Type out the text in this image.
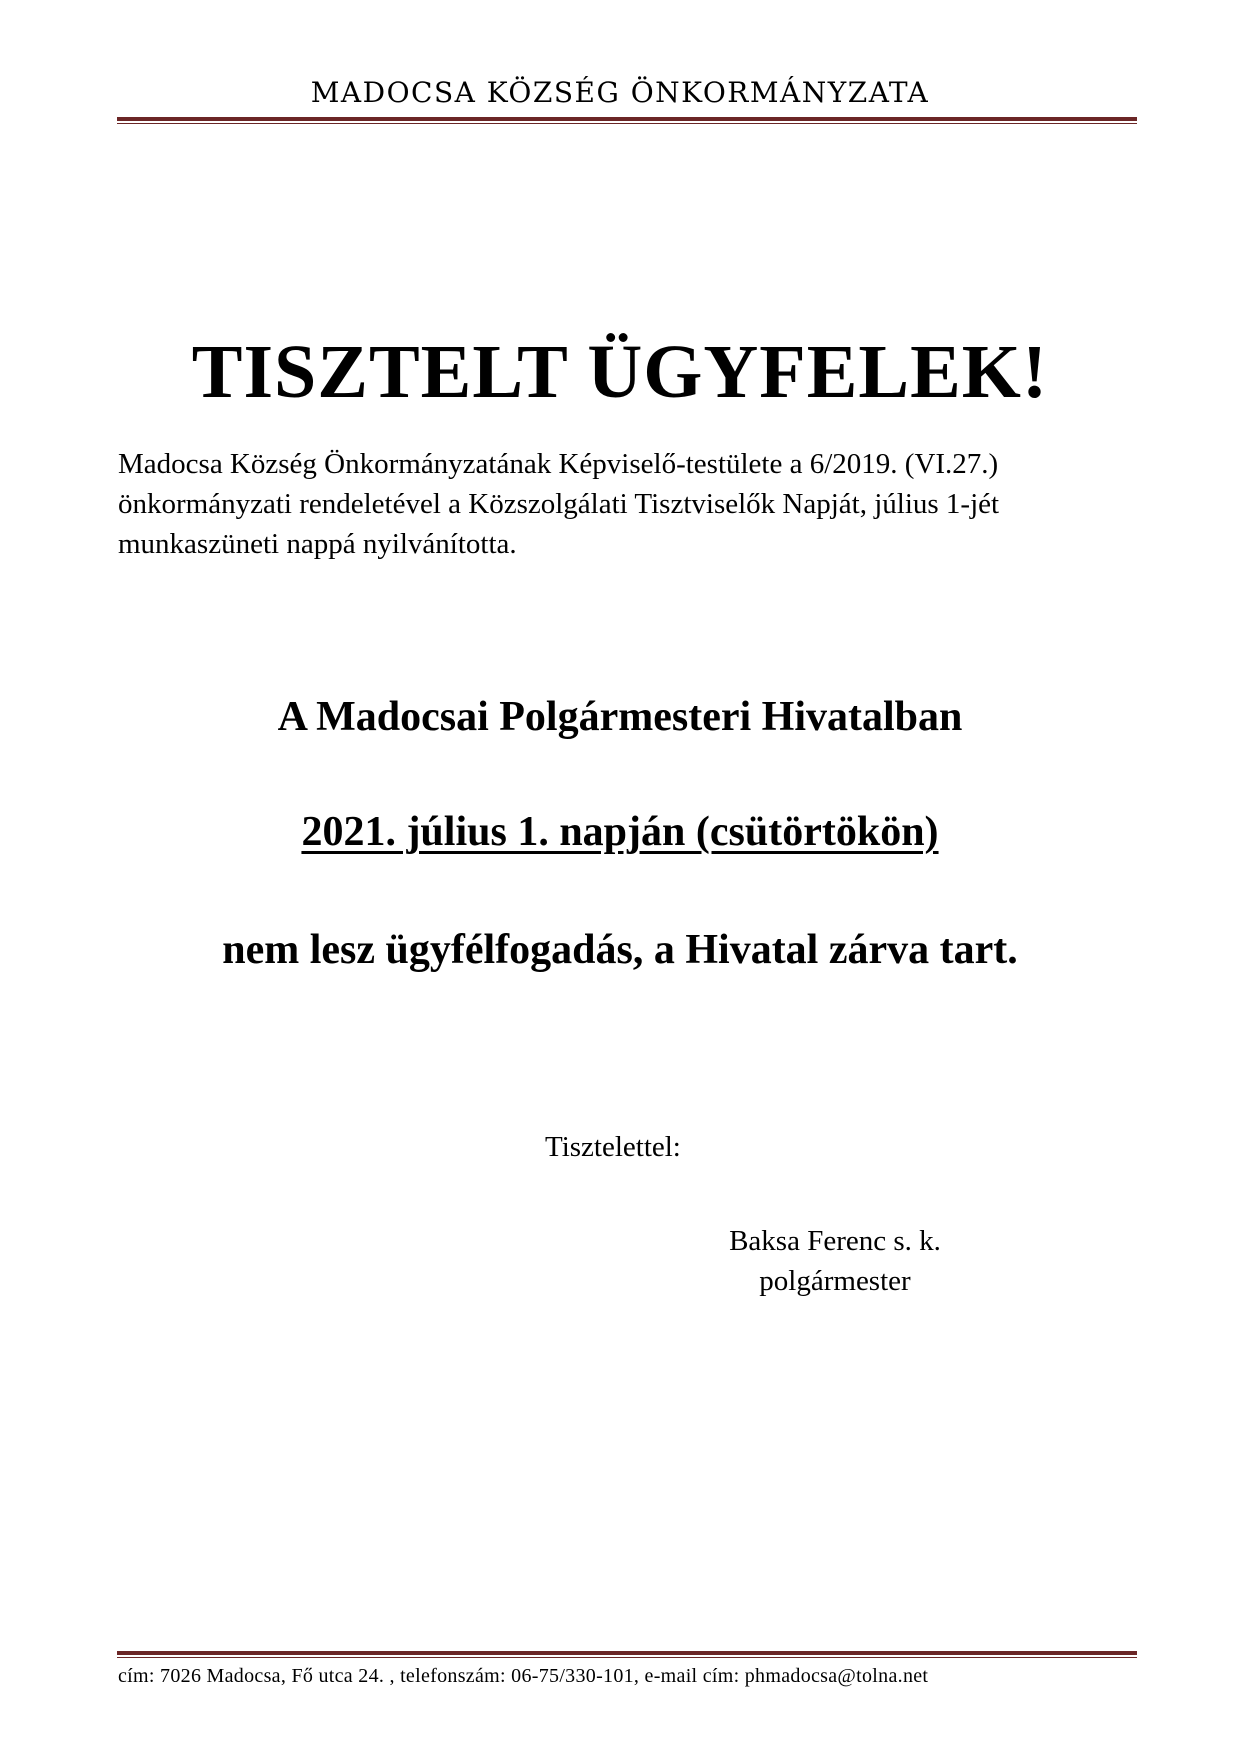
MADOCSA KÖZSÉG ÖNKORMÁNYZATA
TISZTELT ÜGYFELEK!

Madocsa Község Önkormányzatának Képviselő-testülete a 6/2019. (VI.27.)

önkormányzati rendeletével a Közszolgálati Tisztviselők Napját, július 1-jét

munkaszüneti nappá nyilvánította.

A Madocsai Polgármesteri Hivatalban
2021. július 1. napján (csütörtökön)
nem lesz ügyfélfogadás, a Hivatal zárva tart.
Tisztelettel:
Baksa Ferenc s. k.
polgármester
cím: 7026 Madocsa, Fő utca 24. , telefonszám: 06-75/330-101, e-mail cím: phmadocsa@tolna.net
